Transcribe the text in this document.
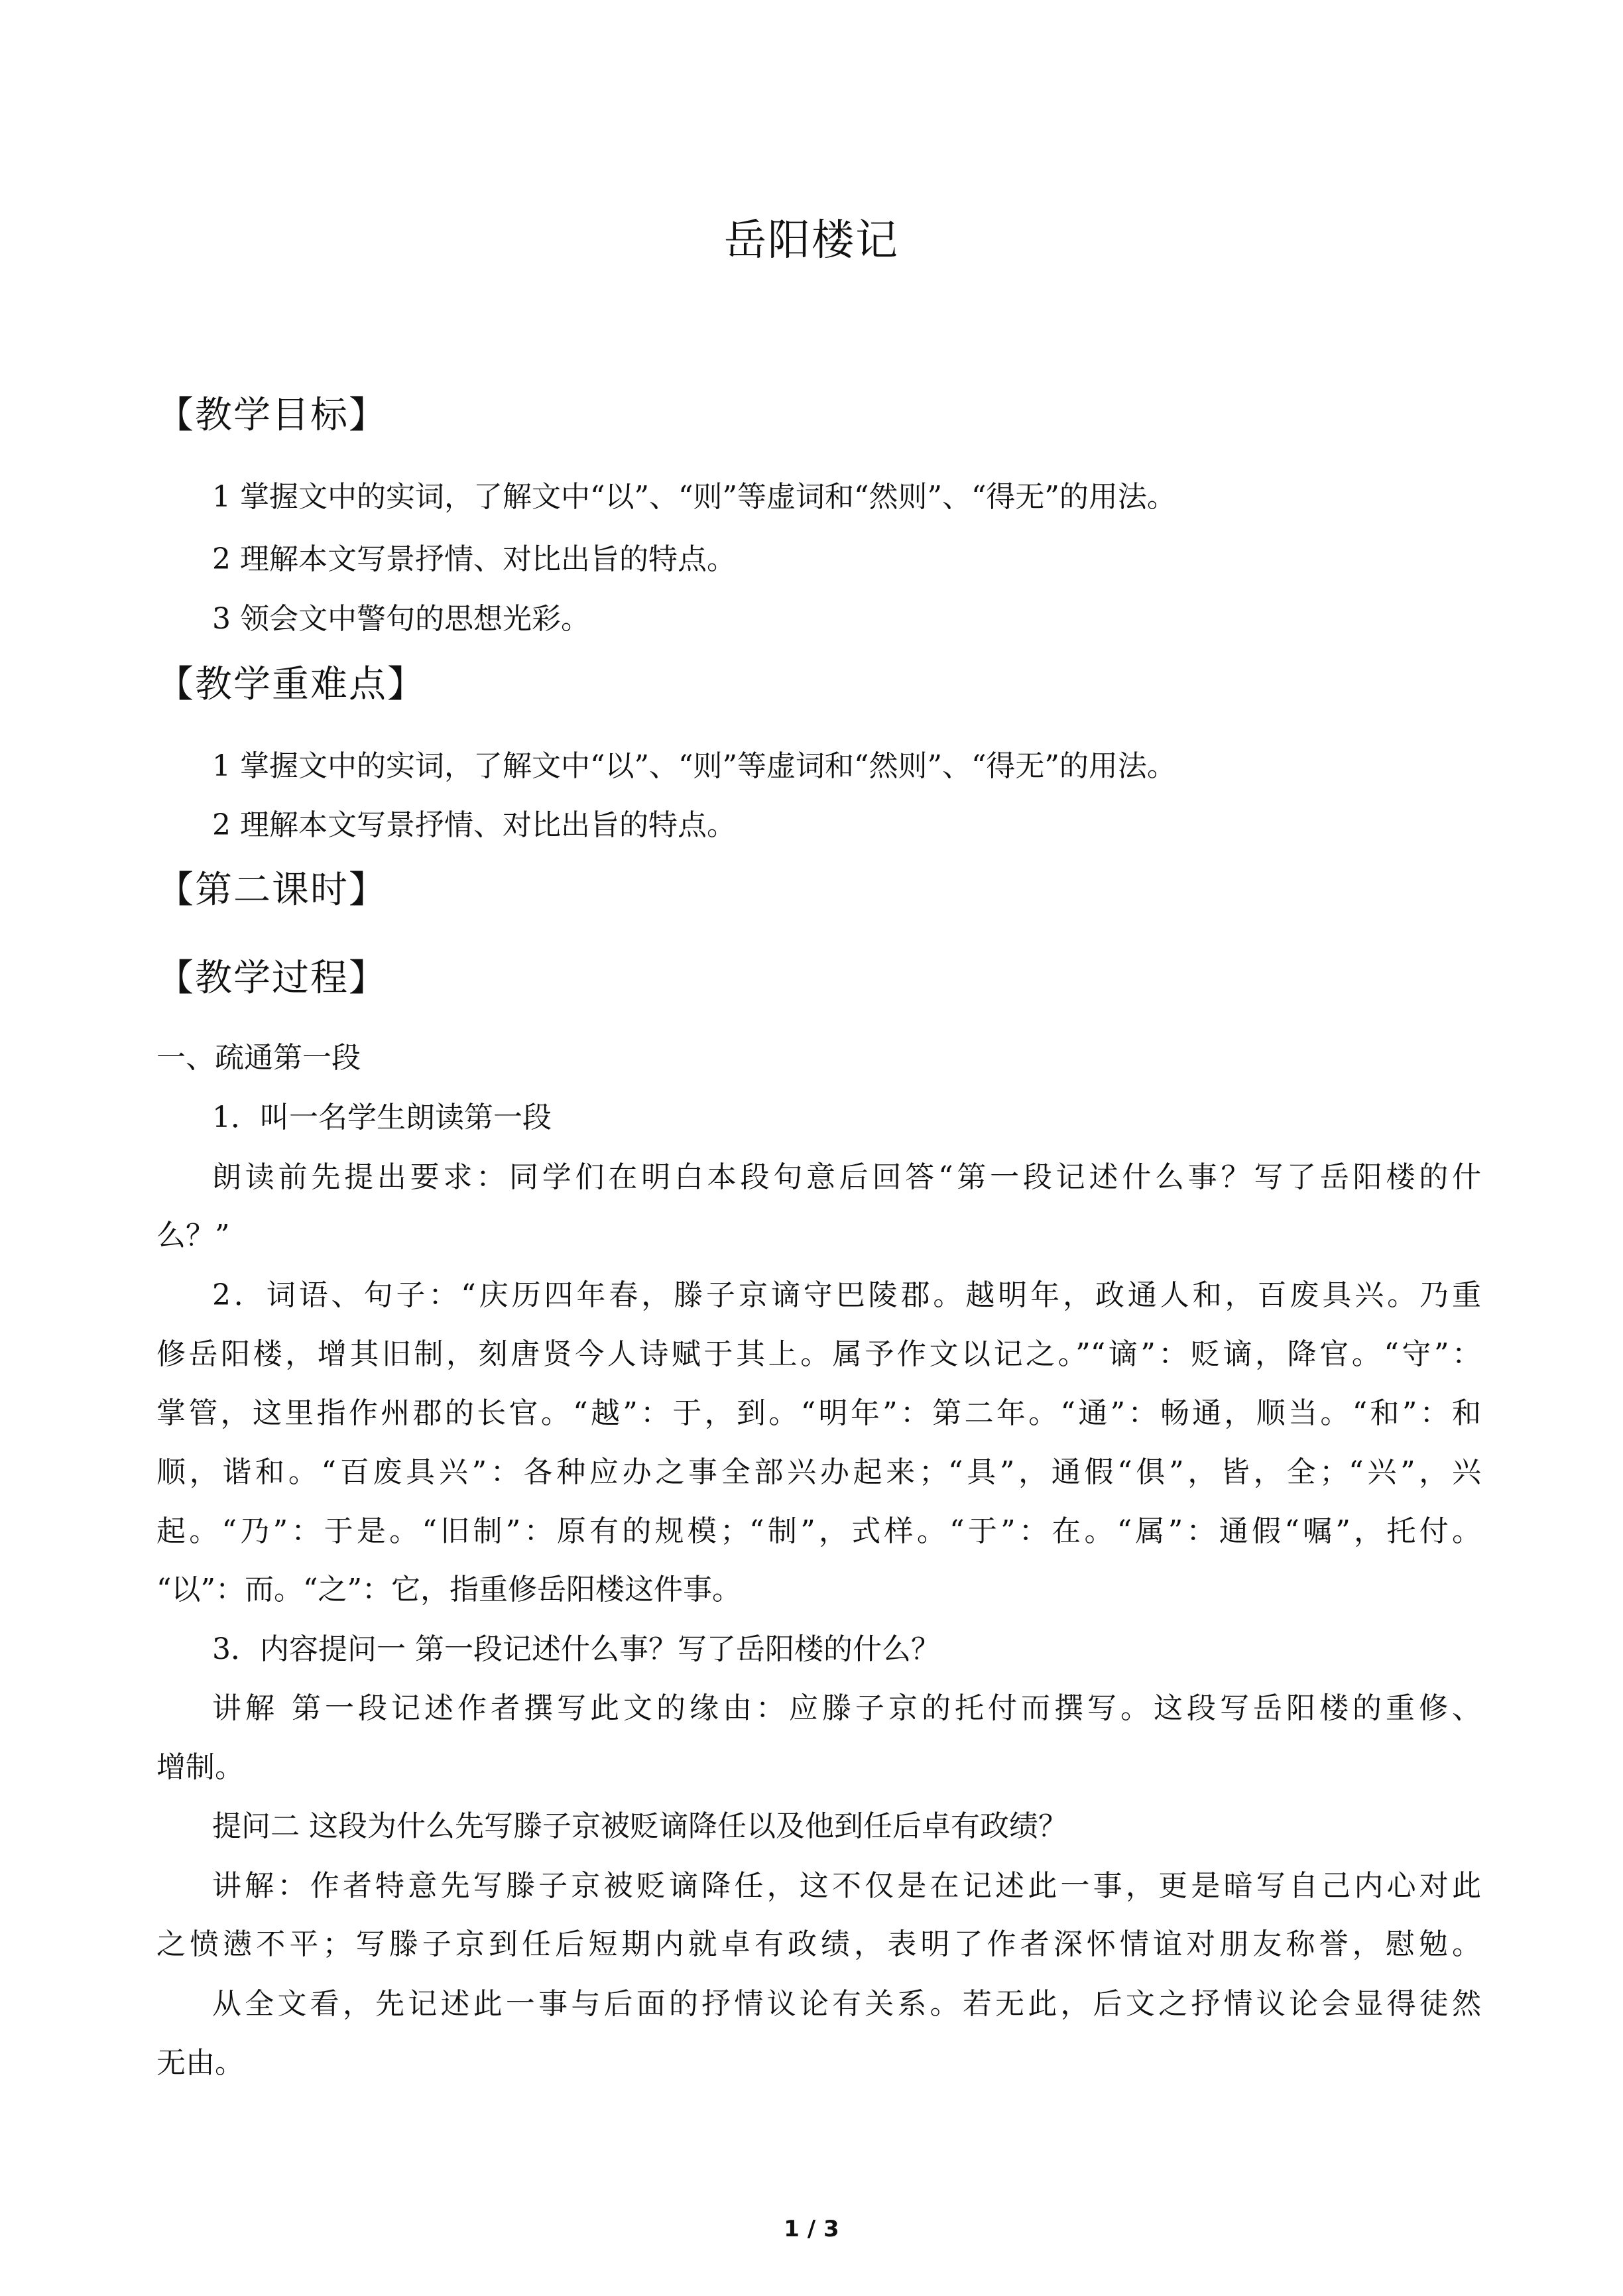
岳阳楼记
【教学目标】
1 掌握文中的实词，了解文中“以”、“则”等虚词和“然则”、“得无”的用法。
2 理解本文写景抒情、对比出旨的特点。
3 领会文中警句的思想光彩。
【教学重难点】
1 掌握文中的实词，了解文中“以”、“则”等虚词和“然则”、“得无”的用法。
2 理解本文写景抒情、对比出旨的特点。
【第二课时】
【教学过程】
一、疏通第一段
1．叫一名学生朗读第一段
朗读前先提出要求：同学们在明白本段句意后回答“第一段记述什么事？写了岳阳楼的什
么？”
2．词语、句子：“庆历四年春，滕子京谪守巴陵郡。越明年，政通人和，百废具兴。乃重
修岳阳楼，增其旧制，刻唐贤今人诗赋于其上。属予作文以记之。”“谪”：贬谪，降官。“守”：
掌管，这里指作州郡的长官。“越”：于，到。“明年”：第二年。“通”：畅通，顺当。“和”：和
顺，谐和。“百废具兴”：各种应办之事全部兴办起来；“具”，通假“俱”，皆，全；“兴”，兴
起。“乃”：于是。“旧制”：原有的规模；“制”，式样。“于”：在。“属”：通假“嘱”，托付。
“以”：而。“之”：它，指重修岳阳楼这件事。
3．内容提问一 第一段记述什么事？写了岳阳楼的什么？
讲解 第一段记述作者撰写此文的缘由：应滕子京的托付而撰写。这段写岳阳楼的重修、
增制。
提问二 这段为什么先写滕子京被贬谪降任以及他到任后卓有政绩？
讲解：作者特意先写滕子京被贬谪降任，这不仅是在记述此一事，更是暗写自己内心对此
之愤懑不平；写滕子京到任后短期内就卓有政绩，表明了作者深怀情谊对朋友称誉，慰勉。
从全文看，先记述此一事与后面的抒情议论有关系。若无此，后文之抒情议论会显得徒然
无由。
1 / 3
